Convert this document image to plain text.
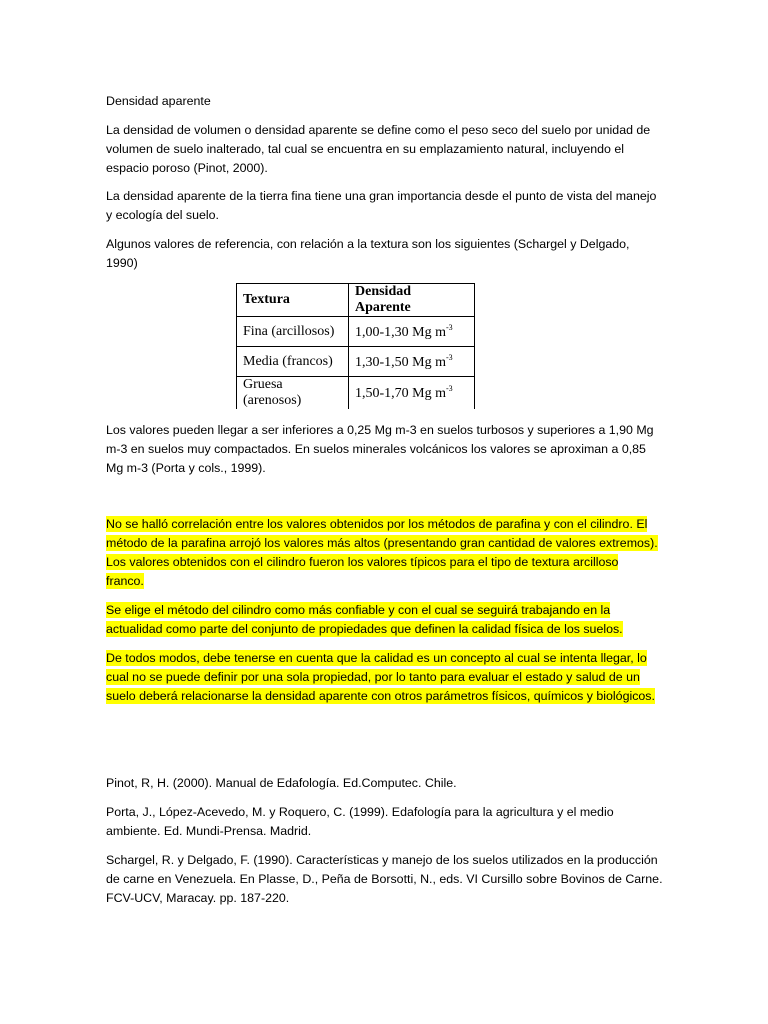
Densidad aparente

La densidad de volumen o densidad aparente se define como el peso seco del suelo por unidad de volumen de suelo inalterado, tal cual se encuentra en su emplazamiento natural, incluyendo el espacio poroso (Pinot, 2000).

La densidad aparente de la tierra fina tiene una gran importancia desde el punto de vista del manejo y ecología del suelo.

Algunos valores de referencia, con relación a la textura son los siguientes (Schargel y Delgado, 1990)

Textura	Densidad Aparente
Fina (arcillosos)	1,00-1,30 Mg $m^{-3}$
Media (francos)	1,30-1,50 Mg $m^{-3}$
Gruesa (arenosos)	1,50-1,70 Mg $m^{-3}$

Los valores pueden llegar a ser inferiores a 0,25 Mg m-3 en suelos turbosos y superiores a 1,90 Mg m-3 en suelos muy compactados. En suelos minerales volcánicos los valores se aproximan a 0,85 Mg m-3 (Porta y cols., 1999).

No se halló correlación entre los valores obtenidos por los métodos de parafina y con el cilindro. El método de la parafina arrojó los valores más altos (presentando gran cantidad de valores extremos). Los valores obtenidos con el cilindro fueron los valores típicos para el tipo de textura arcilloso franco.

Se elige el método del cilindro como más confiable y con el cual se seguirá trabajando en la actualidad como parte del conjunto de propiedades que definen la calidad física de los suelos.

De todos modos, debe tenerse en cuenta que la calidad es un concepto al cual se intenta llegar, lo cual no se puede definir por una sola propiedad, por lo tanto para evaluar el estado y salud de un suelo deberá relacionarse la densidad aparente con otros parámetros físicos, químicos y biológicos.

Pinot, R, H. (2000). Manual de Edafología. Ed.Computec. Chile.

Porta, J., López-Acevedo, M. y Roquero, C. (1999). Edafología para la agricultura y el medio ambiente. Ed. Mundi-Prensa. Madrid.

Schargel, R. y Delgado, F. (1990). Características y manejo de los suelos utilizados en la producción de carne en Venezuela. En Plasse, D., Peña de Borsotti, N., eds. VI Cursillo sobre Bovinos de Carne. FCV-UCV, Maracay. pp. 187-220.
